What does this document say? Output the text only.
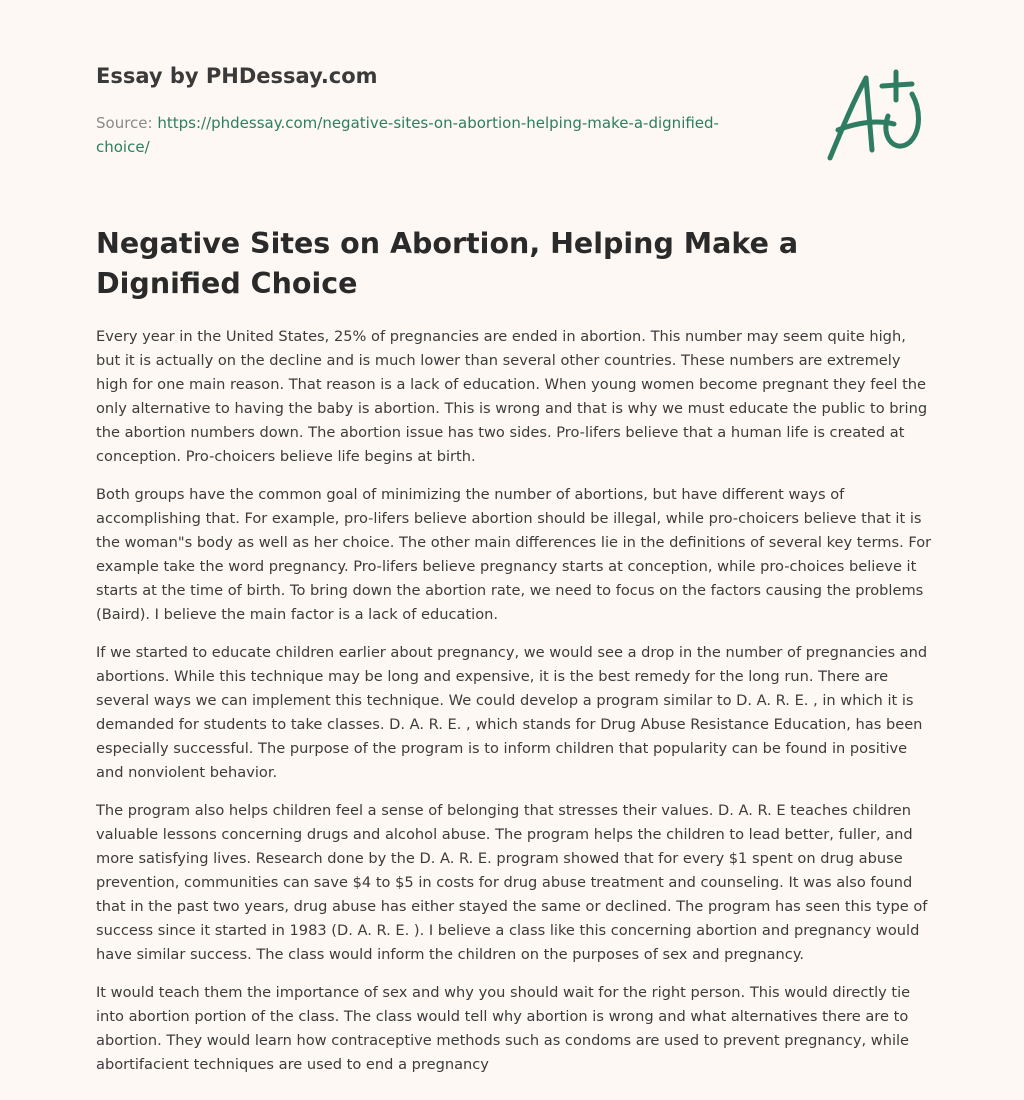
Essay by PHDessay.com
Source: https://phdessay.com/negative-sites-on-abortion-helping-make-a-dignified-choice/
Negative Sites on Abortion, Helping Make a Dignified Choice

Every year in the United States, 25% of pregnancies are ended in abortion. This number may seem quite high, but it is actually on the decline and is much lower than several other countries. These numbers are extremely high for one main reason. That reason is a lack of education. When young women become pregnant they feel the only alternative to having the baby is abortion. This is wrong and that is why we must educate the public to bring the abortion numbers down. The abortion issue has two sides. Pro-lifers believe that a human life is created at conception. Pro-choicers believe life begins at birth.

Both groups have the common goal of minimizing the number of abortions, but have different ways of accomplishing that. For example, pro-lifers believe abortion should be illegal, while pro-choicers believe that it is the woman"s body as well as her choice. The other main differences lie in the definitions of several key terms. For example take the word pregnancy. Pro-lifers believe pregnancy starts at conception, while pro-choices believe it starts at the time of birth. To bring down the abortion rate, we need to focus on the factors causing the problems (Baird). I believe the main factor is a lack of education.

If we started to educate children earlier about pregnancy, we would see a drop in the number of pregnancies and abortions. While this technique may be long and expensive, it is the best remedy for the long run. There are several ways we can implement this technique. We could develop a program similar to D. A. R. E. , in which it is demanded for students to take classes. D. A. R. E. , which stands for Drug Abuse Resistance Education, has been especially successful. The purpose of the program is to inform children that popularity can be found in positive and nonviolent behavior.

The program also helps children feel a sense of belonging that stresses their values. D. A. R. E teaches children valuable lessons concerning drugs and alcohol abuse. The program helps the children to lead better, fuller, and more satisfying lives. Research done by the D. A. R. E. program showed that for every $1 spent on drug abuse prevention, communities can save $4 to $5 in costs for drug abuse treatment and counseling. It was also found that in the past two years, drug abuse has either stayed the same or declined. The program has seen this type of success since it started in 1983 (D. A. R. E. ). I believe a class like this concerning abortion and pregnancy would have similar success. The class would inform the children on the purposes of sex and pregnancy.

It would teach them the importance of sex and why you should wait for the right person. This would directly tie into abortion portion of the class. The class would tell why abortion is wrong and what alternatives there are to abortion. They would learn how contraceptive methods such as condoms are used to prevent pregnancy, while abortifacient techniques are used to end a pregnancy
